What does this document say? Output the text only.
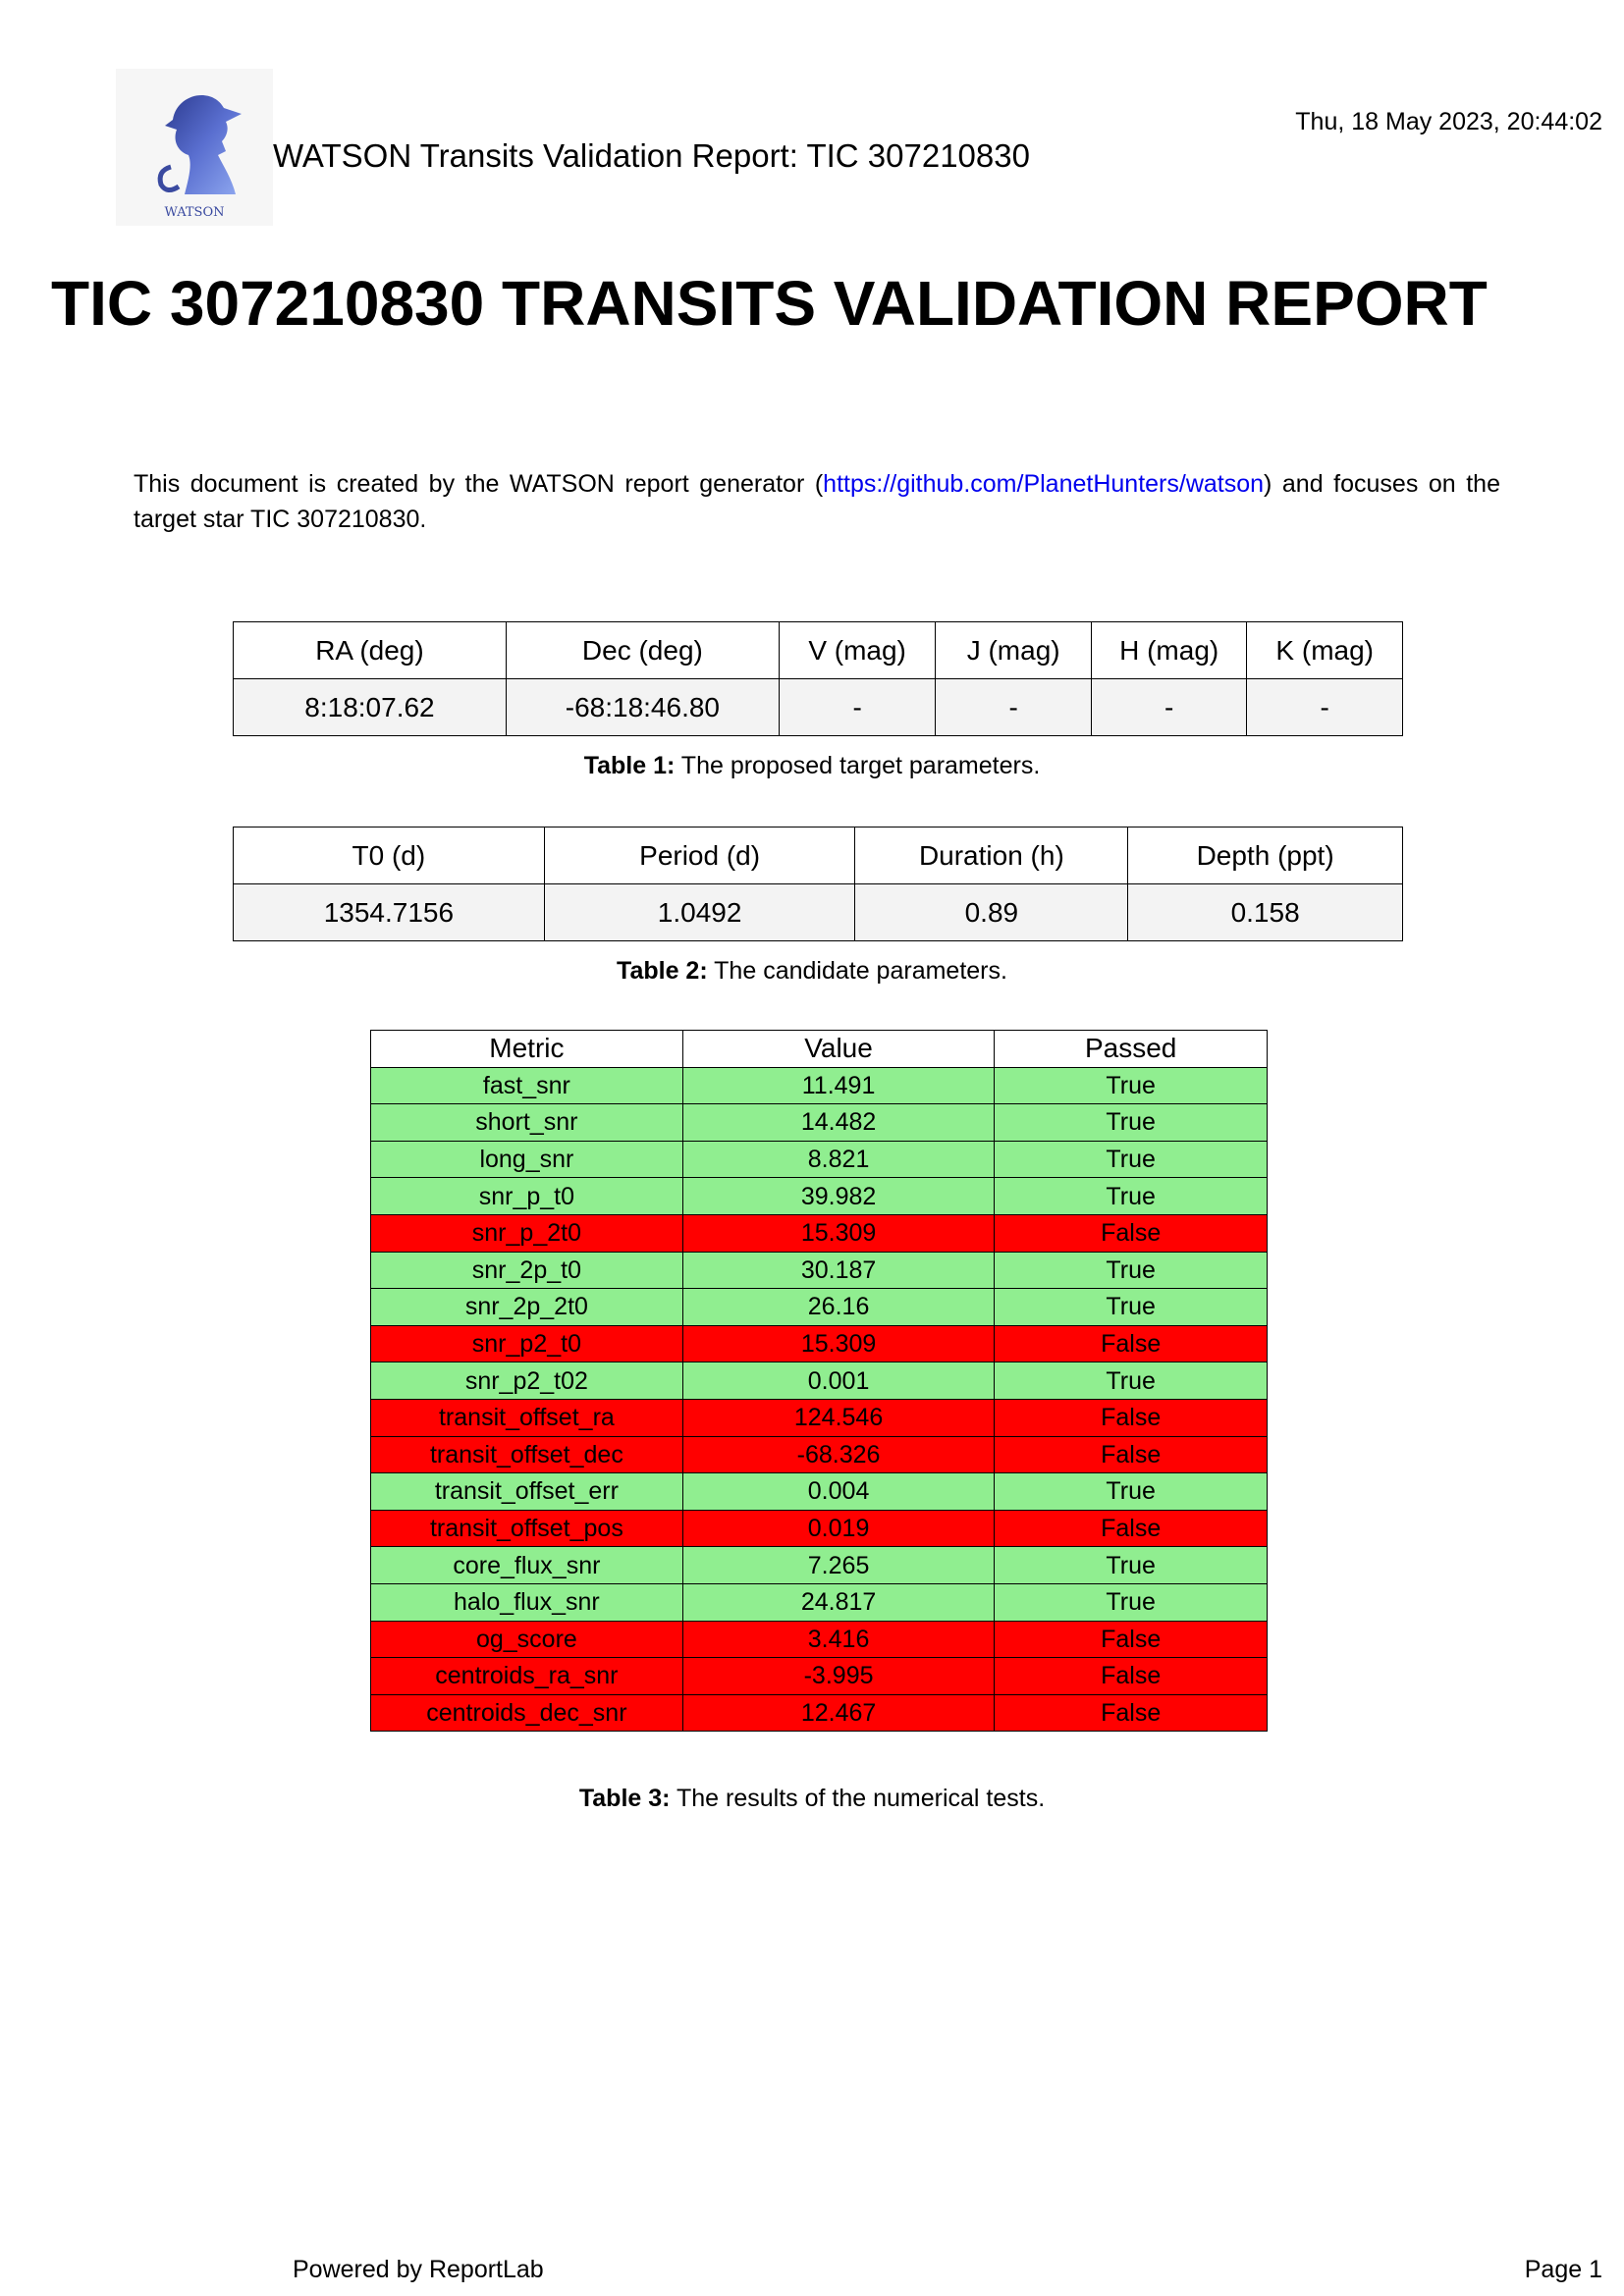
WATSON
WATSON Transits Validation Report: TIC 307210830
Thu, 18 May 2023, 20:44:02
TIC 307210830 TRANSITS VALIDATION REPORT
This document is created by the WATSON report generator (https://github.com/PlanetHunters/watson) and focuses on the target star TIC 307210830.
RA (deg)	Dec (deg)	V (mag)	J (mag)	H (mag)	K (mag)
8:18:07.62	-68:18:46.80	-	-	-	-
Table 1: The proposed target parameters.
T0 (d)	Period (d)	Duration (h)	Depth (ppt)
1354.7156	1.0492	0.89	0.158
Table 2: The candidate parameters.
Metric	Value	Passed
fast_snr	11.491	True
short_snr	14.482	True
long_snr	8.821	True
snr_p_t0	39.982	True
snr_p_2t0	15.309	False
snr_2p_t0	30.187	True
snr_2p_2t0	26.16	True
snr_p2_t0	15.309	False
snr_p2_t02	0.001	True
transit_offset_ra	124.546	False
transit_offset_dec	-68.326	False
transit_offset_err	0.004	True
transit_offset_pos	0.019	False
core_flux_snr	7.265	True
halo_flux_snr	24.817	True
og_score	3.416	False
centroids_ra_snr	-3.995	False
centroids_dec_snr	12.467	False
Table 3: The results of the numerical tests.
Powered by ReportLab	Page 1
